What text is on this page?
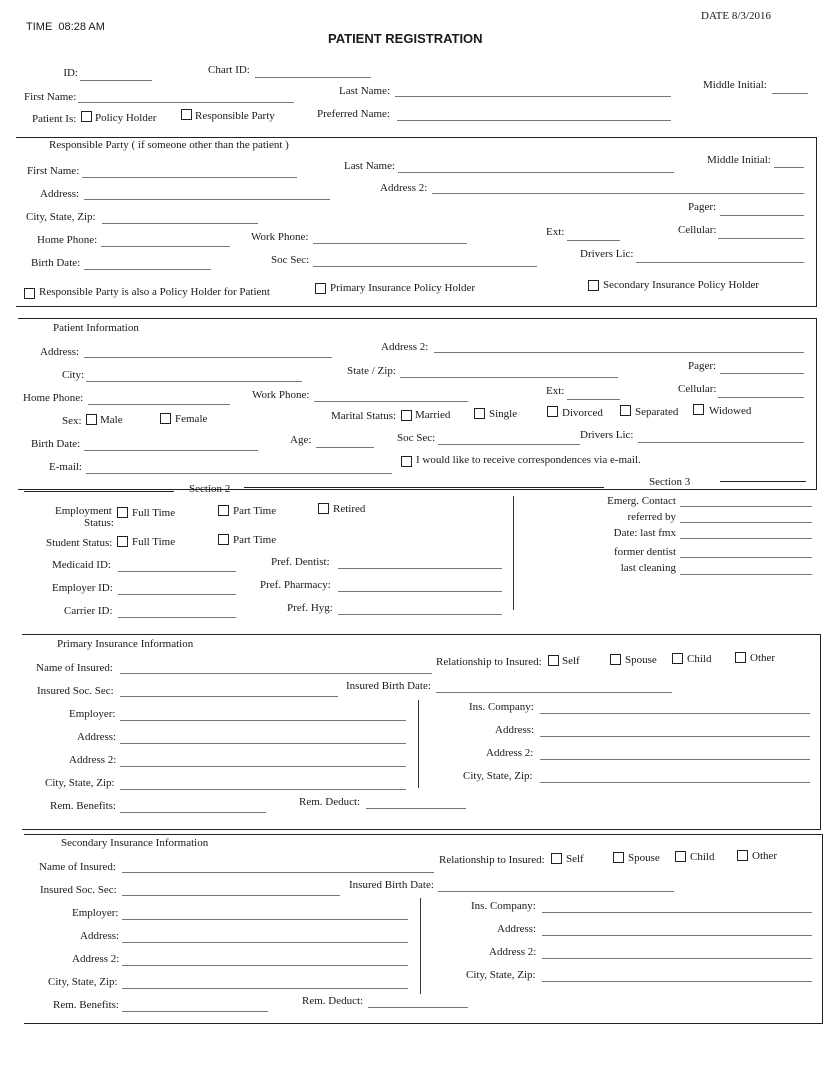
TIME 08:28 AM
PATIENT REGISTRATION
DATE 8/3/2016
ID:	Chart ID:
First Name:	Last Name:	Middle Initial:
Patient Is: Policy Holder	Responsible Party	Preferred Name:
Responsible Party ( if someone other than the patient )
First Name:	Last Name:	Middle Initial:
Address:	Address 2:
City, State, Zip:
Pager:
Home Phone:	Work Phone:	Ext:	Cellular:
Birth Date:	Soc Sec:	Drivers Lic:
Responsible Party is also a Policy Holder for Patient	Primary Insurance Policy Holder	Secondary Insurance Policy Holder
Patient Information
Address:	Address 2:
City:	State / Zip:	Pager:
Home Phone:	Work Phone:	Ext:	Cellular:
Sex: Male	Female	Marital Status: Married	Single	Divorced	Separated	Widowed
Birth Date:	Age:	Soc Sec:	Drivers Lic:
E-mail:
I would like to receive correspondences via e-mail.
Section 2
Section 3
Employment
Status:
Full Time	Part Time	Retired
Student Status: Full Time	Part Time
Medicaid ID:	Pref. Dentist:
Employer ID:	Pref. Pharmacy:
Carrier ID:	Pref. Hyg:
Emerg. Contact
referred by
Date: last fmx
former dentist
last cleaning
Primary Insurance Information
Name of Insured:	Relationship to Insured: Self	Spouse	Child	Other
Insured Soc. Sec:	Insured Birth Date:
Employer:
Ins. Company:
Address:
Address:
Address 2:
Address 2:
City, State, Zip:
City, State, Zip:
Rem. Benefits:	Rem. Deduct:
Secondary Insurance Information
Name of Insured:
Relationship to Insured: Self	Spouse	Child	Other
Insured Soc. Sec:	Insured Birth Date:
Employer:
Ins. Company:
Address:
Address:
Address 2:
Address 2:
City, State, Zip:
City, State, Zip:
Rem. Benefits:	Rem. Deduct:
